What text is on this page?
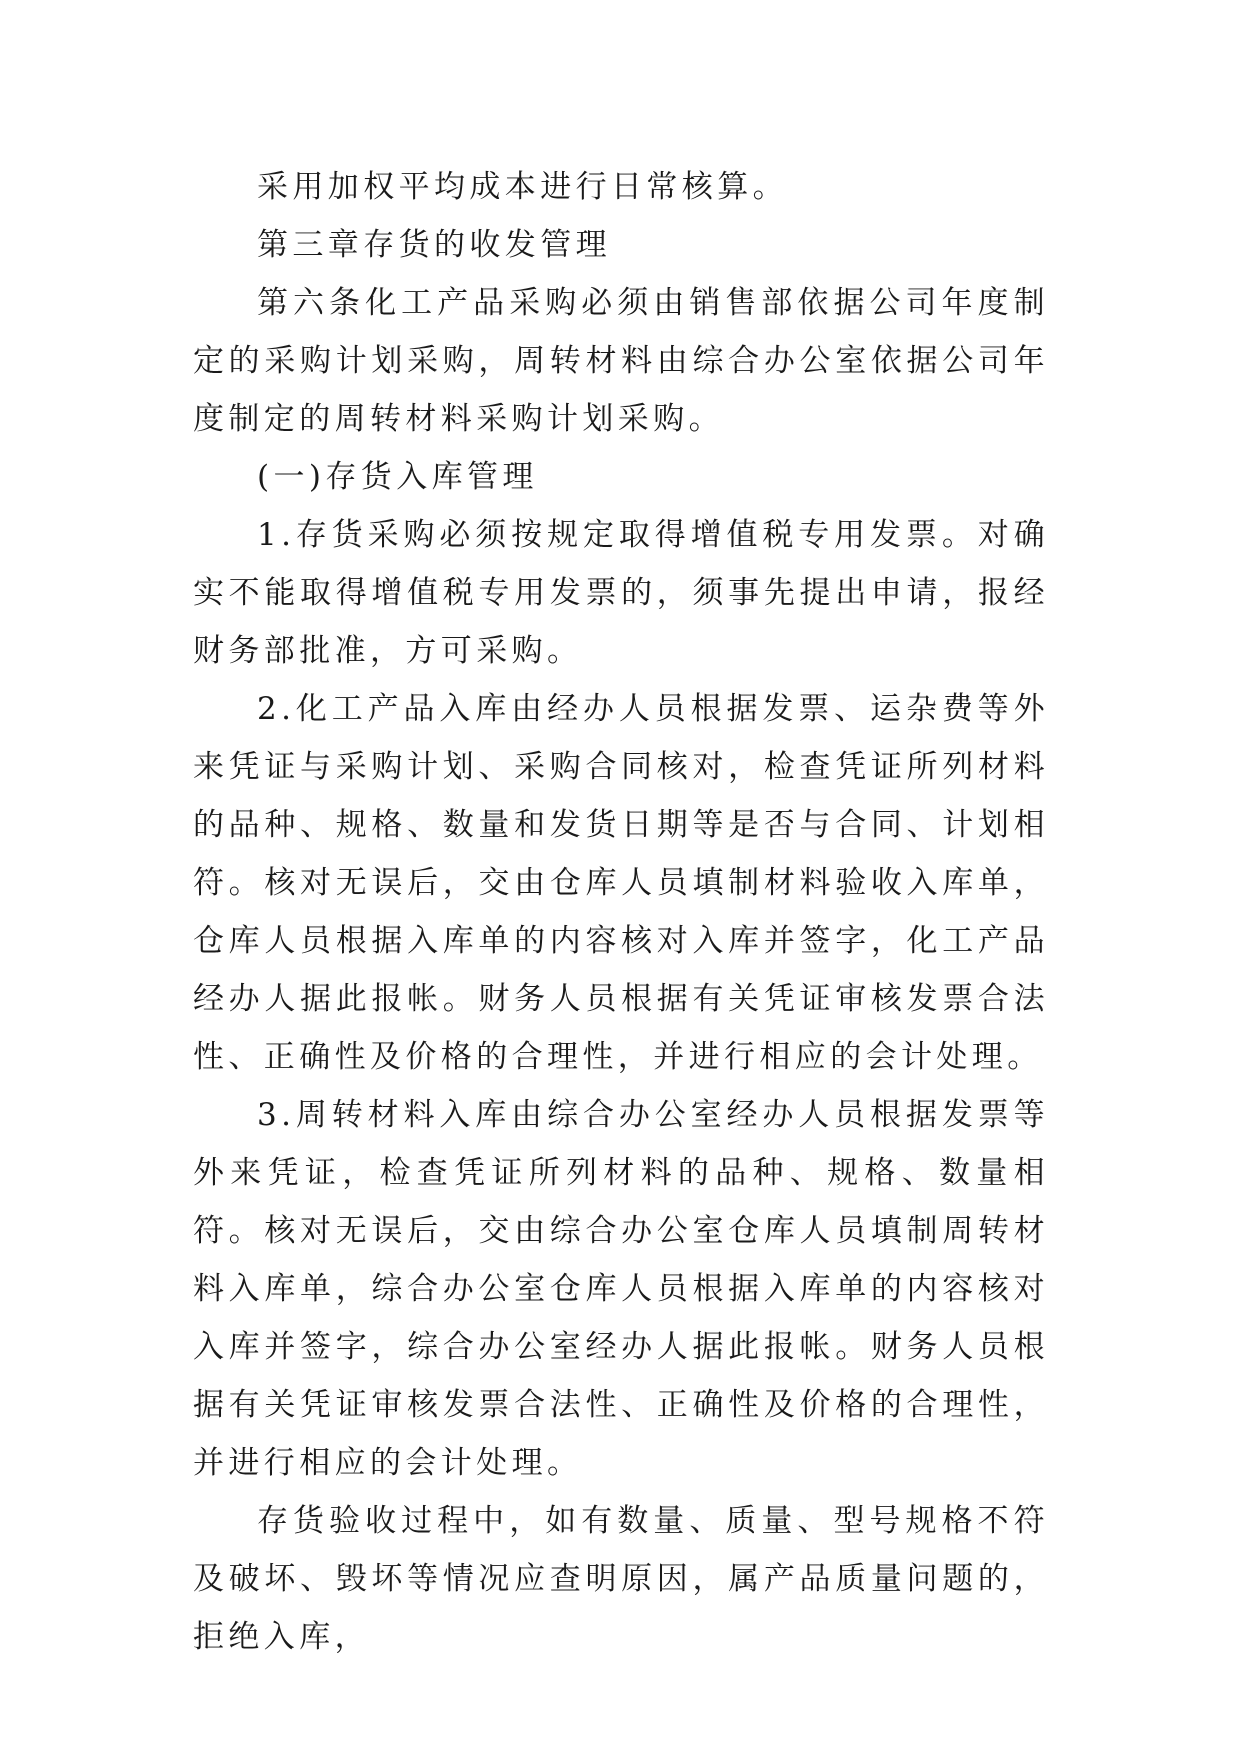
采用加权平均成本进行日常核算。

第三章存货的收发管理

第六条化工产品采购必须由销售部依据公司年度制定的采购计划采购，周转材料由综合办公室依据公司年度制定的周转材料采购计划采购。

(一)存货入库管理

1.存货采购必须按规定取得增值税专用发票。对确实不能取得增值税专用发票的，须事先提出申请，报经财务部批准，方可采购。

2.化工产品入库由经办人员根据发票、运杂费等外来凭证与采购计划、采购合同核对，检查凭证所列材料的品种、规格、数量和发货日期等是否与合同、计划相符。核对无误后，交由仓库人员填制材料验收入库单，仓库人员根据入库单的内容核对入库并签字，化工产品经办人据此报帐。财务人员根据有关凭证审核发票合法性、正确性及价格的合理性，并进行相应的会计处理。

3.周转材料入库由综合办公室经办人员根据发票等外来凭证，检查凭证所列材料的品种、规格、数量相符。核对无误后，交由综合办公室仓库人员填制周转材料入库单，综合办公室仓库人员根据入库单的内容核对入库并签字，综合办公室经办人据此报帐。财务人员根据有关凭证审核发票合法性、正确性及价格的合理性，并进行相应的会计处理。

存货验收过程中，如有数量、质量、型号规格不符及破坏、毁坏等情况应查明原因，属产品质量问题的，拒绝入库，
